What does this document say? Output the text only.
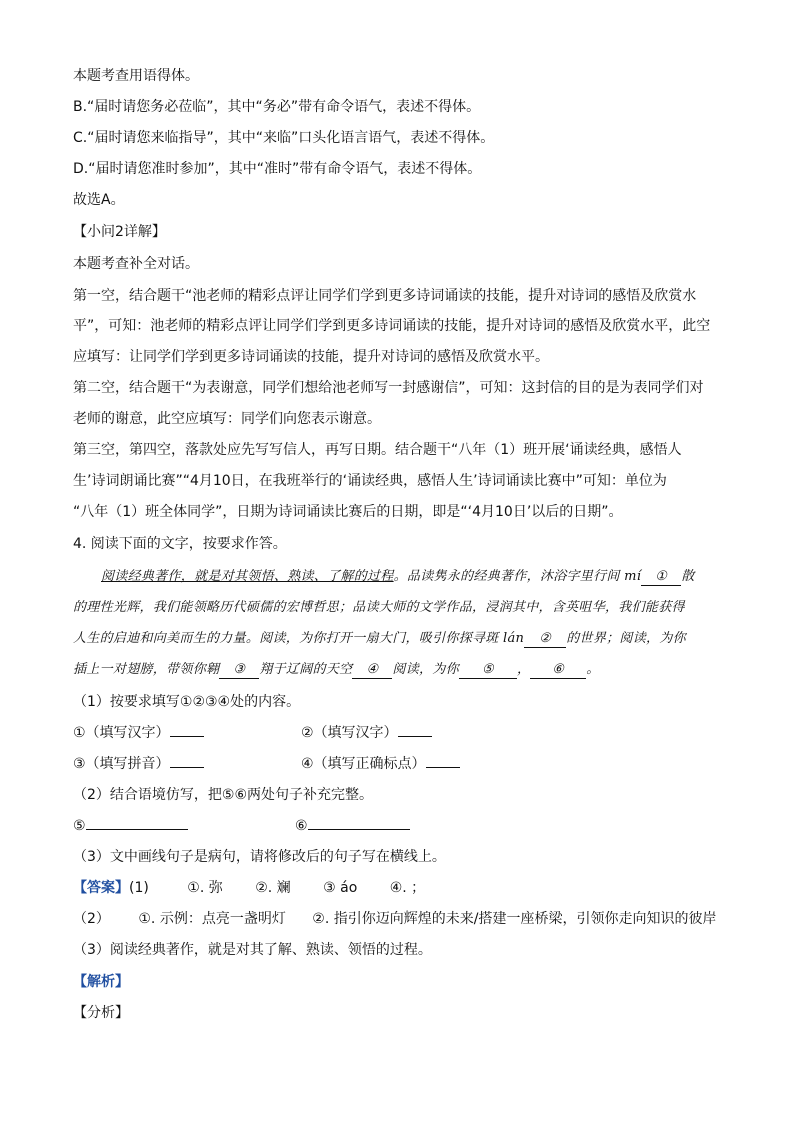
本题考查用语得体。
B.“届时请您务必莅临”，其中“务必”带有命令语气，表述不得体。
C.“届时请您来临指导”，其中“来临”口头化语言语气，表述不得体。
D.“届时请您准时参加”，其中“准时”带有命令语气，表述不得体。
故选A。
【小问2详解】
本题考查补全对话。
第一空，结合题干“池老师的精彩点评让同学们学到更多诗词诵读的技能，提升对诗词的感悟及欣赏水
平”，可知：池老师的精彩点评让同学们学到更多诗词诵读的技能，提升对诗词的感悟及欣赏水平，此空
应填写：让同学们学到更多诗词诵读的技能，提升对诗词的感悟及欣赏水平。
第二空，结合题干“为表谢意，同学们想给池老师写一封感谢信”，可知：这封信的目的是为表同学们对
老师的谢意，此空应填写：同学们向您表示谢意。
第三空，第四空，落款处应先写写信人，再写日期。结合题干“八年（1）班开展‘诵读经典，感悟人
生’诗词朗诵比赛”“4月10日，在我班举行的‘诵读经典，感悟人生’诗词诵读比赛中”可知：单位为
“八年（1）班全体同学”，日期为诗词诵读比赛后的日期，即是“‘4月10日’以后的日期”。
4. 阅读下面的文字，按要求作答。
阅读经典著作，就是对其领悟、熟读、了解的过程。品读隽永的经典著作，沐浴字里行间 mí ① 散
的理性光辉，我们能领略历代硕儒的宏博哲思；品读大师的文学作品，浸润其中，含英咀华，我们能获得
人生的启迪和向美而生的力量。阅读，为你打开一扇大门，吸引你探寻斑 lán ② 的世界；阅读，为你
插上一对翅膀，带领你翱 ③ 翔于辽阔的天空 ④ 阅读，为你 ⑤ ， ⑥ 。
（1）按要求填写①②③④处的内容。
①（填写汉字）	②（填写汉字）
③（填写拼音）	④（填写正确标点）
（2）结合语境仿写，把⑤⑥两处句子补充完整。
⑤	⑥
（3）文中画线句子是病句，请将修改后的句子写在横线上。
【答案】(1)	①. 弥 ②. 斓 ③ áo ④. ；
（2） ①. 示例：点亮一盏明灯 ②. 指引你迈向辉煌的未来/搭建一座桥梁，引领你走向知识的彼岸
（3）阅读经典著作，就是对其了解、熟读、领悟的过程。
【解析】
【分析】
